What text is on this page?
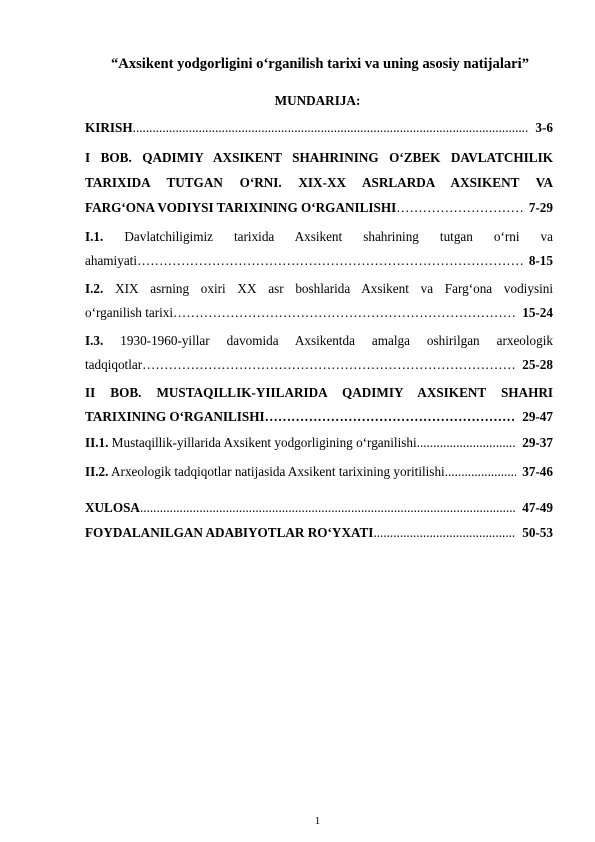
“Axsikent yodgorligini o‘rganilish tarixi va uning asosiy natijalari”
MUNDARIJA:
KIRISH .....	3-6
I BOB. QADIMIY AXSIKENT SHAHRINING O‘ZBEK DAVLATCHILIK
TARIXIDA TUTGAN O‘RNI. XIX-XX ASRLARDA AXSIKENT VA
FARG‘ONA VODIYSI TARIXINING O‘RGANILISHI …………………………………………………………………………………………………………………………………………………………………………………	7-29
I.1. Davlatchiligimiz tarixida Axsikent shahrining tutgan o‘rni va
ahamiyati …………………………………………………………………………………………………………………………………………………………………………………	8-15
I.2. XIX asrning oxiri XX asr boshlarida Axsikent va Farg‘ona vodiysini
o‘rganilish tarixi …………………………………………………………………………………………………………………………………………………………………………………	15-24
I.3. 1930-1960-yillar davomida Axsikentda amalga oshirilgan arxeologik
tadqiqotlar …………………………………………………………………………………………………………………………………………………………………………………	25-28
II BOB. MUSTAQILLIK-YIILARIDA QADIMIY AXSIKENT SHAHRI
TARIXINING O‘RGANILISHI …………………………………………………………………………………………………………………………………………………………………………………	29-47
II.1. Mustaqillik-yillarida Axsikent yodgorligining o‘rganilishi .....	29-37
II.2. Arxeologik tadqiqotlar natijasida Axsikent tarixining yoritilishi .....	37-46
XULOSA .....	47-49
FOYDALANILGAN ADABIYOTLAR RO‘YXATI .....	50-53
1
